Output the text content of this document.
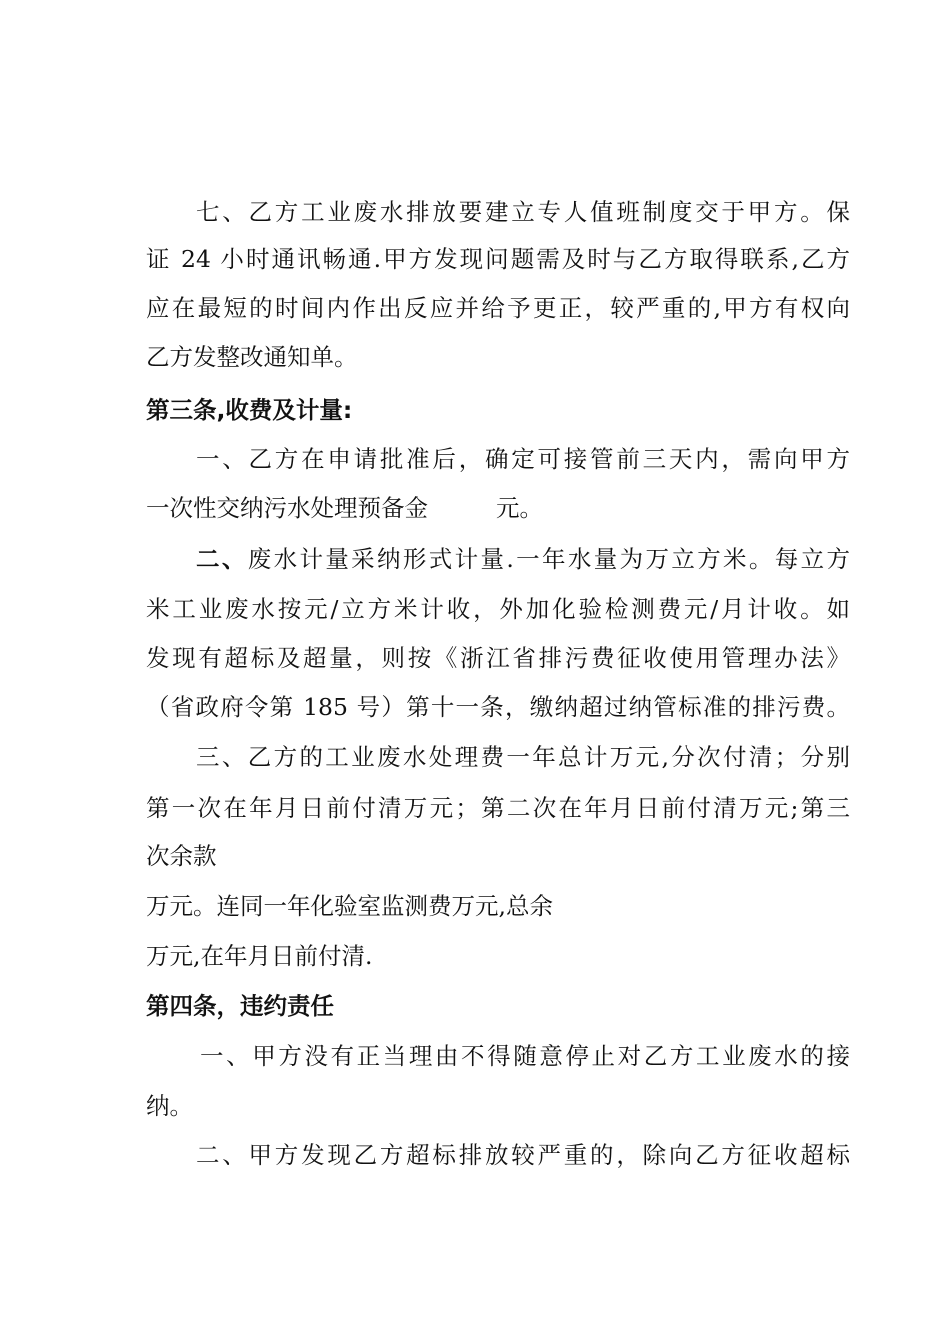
七、乙方工业废水排放要建立专人值班制度交于甲方。保
证 24 小时通讯畅通.甲方发现问题需及时与乙方取得联系,乙方
应在最短的时间内作出反应并给予更正，较严重的,甲方有权向
乙方发整改通知单。
第三条,收费及计量:
一、乙方在申请批准后，确定可接管前三天内，需向甲方
一次性交纳污水处理预备金	元。
二、废水计量采纳形式计量.一年水量为万立方米。每立方
米工业废水按元/立方米计收，外加化验检测费元/月计收。如
发现有超标及超量，则按《浙江省排污费征收使用管理办法》
（省政府令第 185 号）第十一条，缴纳超过纳管标准的排污费。
三、乙方的工业废水处理费一年总计万元,分次付清；分别
第一次在年月日前付清万元；第二次在年月日前付清万元;第三
次余款
万元。连同一年化验室监测费万元,总余
万元,在年月日前付清.
第四条，违约责任
一、甲方没有正当理由不得随意停止对乙方工业废水的接
纳。
二、甲方发现乙方超标排放较严重的，除向乙方征收超标
